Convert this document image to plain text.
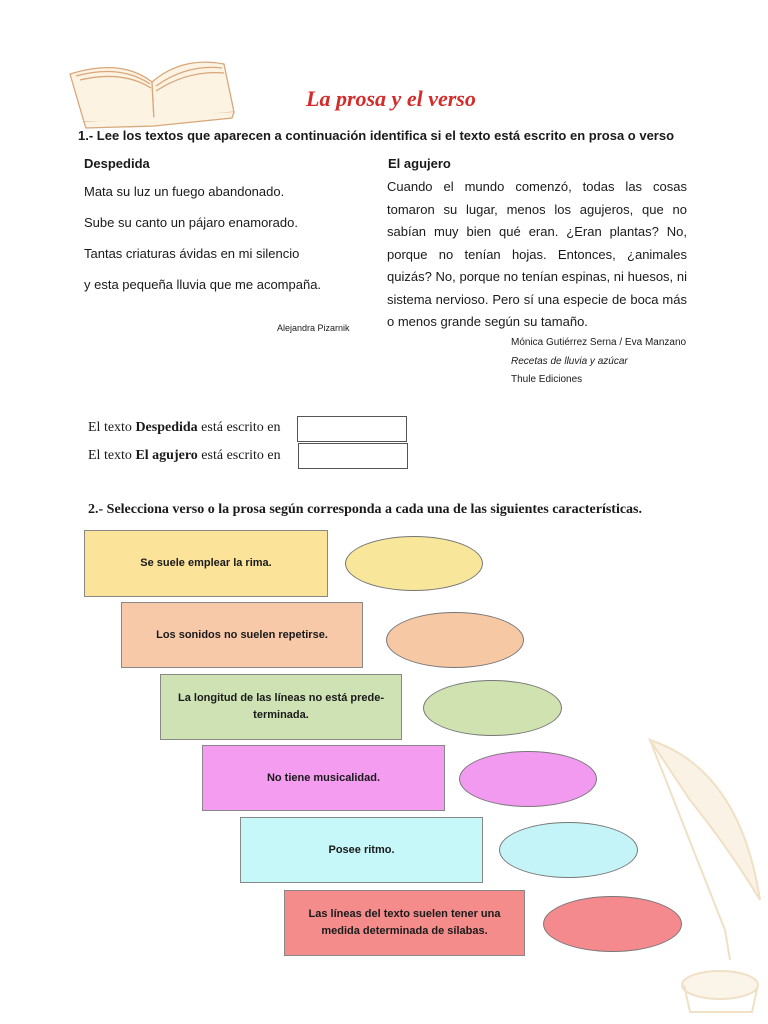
La prosa y el verso
1.- Lee los textos que aparecen a continuación identifica si el texto está escrito en prosa o verso
Despedida
Mata su luz un fuego abandonado.
Sube su canto un pájaro enamorado.
Tantas criaturas ávidas en mi silencio
y esta pequeña lluvia que me acompaña.
Alejandra Pizarnik
El agujero
Cuando el mundo comenzó, todas las cosas tomaron su lugar, menos los agujeros, que no sabían muy bien qué eran. ¿Eran plantas? No, porque no tenían hojas. Entonces, ¿animales quizás? No, porque no tenían espinas, ni huesos, ni sistema nervioso. Pero sí una especie de boca más o menos grande según su tamaño.
Mónica Gutiérrez Serna / Eva Manzano
Recetas de lluvia y azúcar
Thule Ediciones
El texto Despedida está escrito en
El texto El agujero está escrito en
2.- Selecciona verso o la prosa según corresponda a cada una de las siguientes características.
Se suele emplear la rima.
Los sonidos no suelen repetirse.
La longitud de las líneas no está prede-terminada.
No tiene musicalidad.
Posee ritmo.
Las líneas del texto suelen tener una medida determinada de sílabas.
